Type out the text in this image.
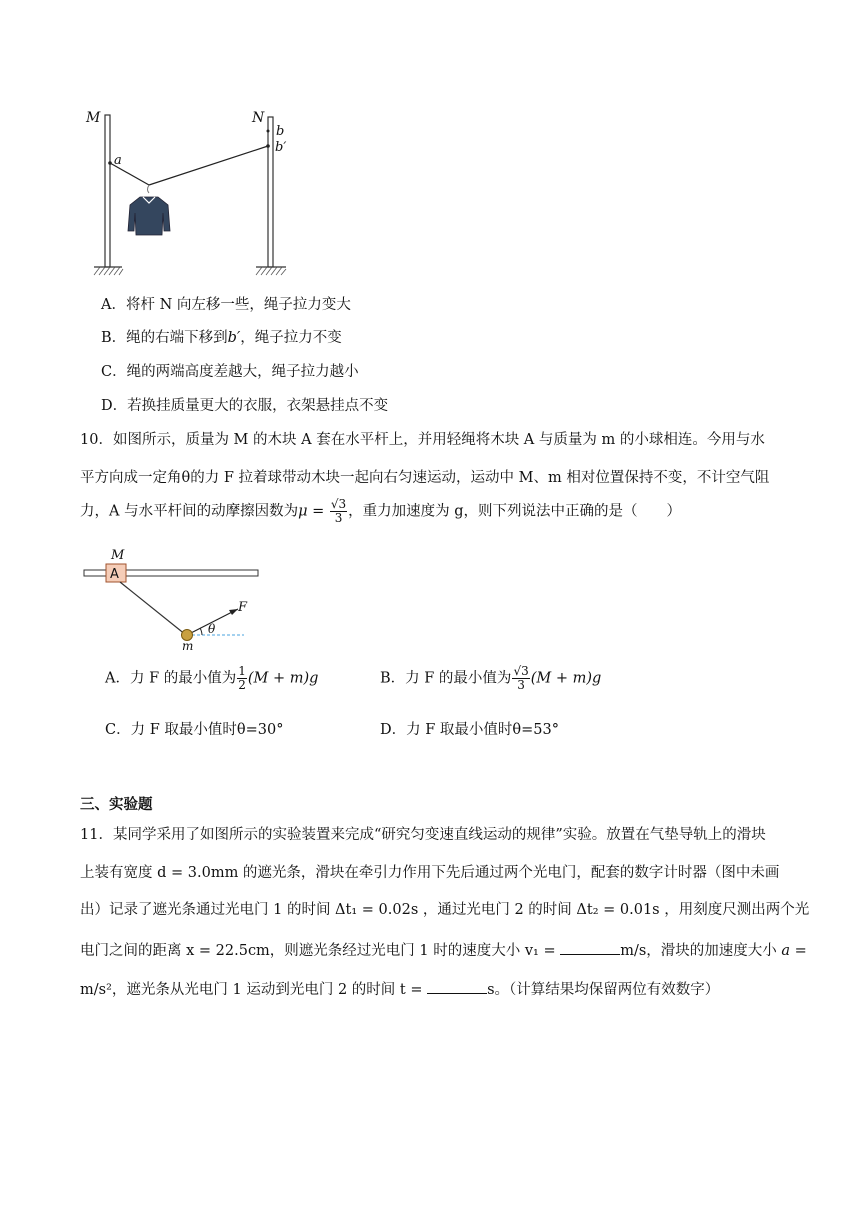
M	N
a
b
b′
A．将杆 N 向左移一些，绳子拉力变大
B．绳的右端下移到b′，绳子拉力不变
C．绳的两端高度差越大，绳子拉力越小
D．若换挂质量更大的衣服，衣架悬挂点不变
10．如图所示，质量为 M 的木块 A 套在水平杆上，并用轻绳将木块 A 与质量为 m 的小球相连。今用与水
平方向成一定角θ的力 F 拉着球带动木块一起向右匀速运动，运动中 M、m 相对位置保持不变，不计空气阻
力，A 与水平杆间的动摩擦因数为$\mu = \frac{√3}{3}$ ，重力加速度为 g，则下列说法中正确的是（　　）
M
A
F
θ
m
A．力 F 的最小值为 $\frac{1}{2} (M + m)g$	B．力 F 的最小值为 $\frac{√3}{3} (M + m)g$
C．力 F 取最小值时θ=30°	D．力 F 取最小值时θ=53°
三、实验题
11．某同学采用了如图所示的实验装置来完成“研究匀变速直线运动的规律”实验。放置在气垫导轨上的滑块
上装有宽度 d = 3.0mm 的遮光条，滑块在牵引力作用下先后通过两个光电门，配套的数字计时器（图中未画
出）记录了遮光条通过光电门 1 的时间 Δt₁ = 0.02s ，通过光电门 2 的时间 Δt₂ = 0.01s ，用刻度尺测出两个光
电门之间的距离 x = 22.5cm，则遮光条经过光电门 1 时的速度大小 v₁ =	m/s，滑块的加速度大小 a =
m/s²，遮光条从光电门 1 运动到光电门 2 的时间 t =	s。（计算结果均保留两位有效数字）
